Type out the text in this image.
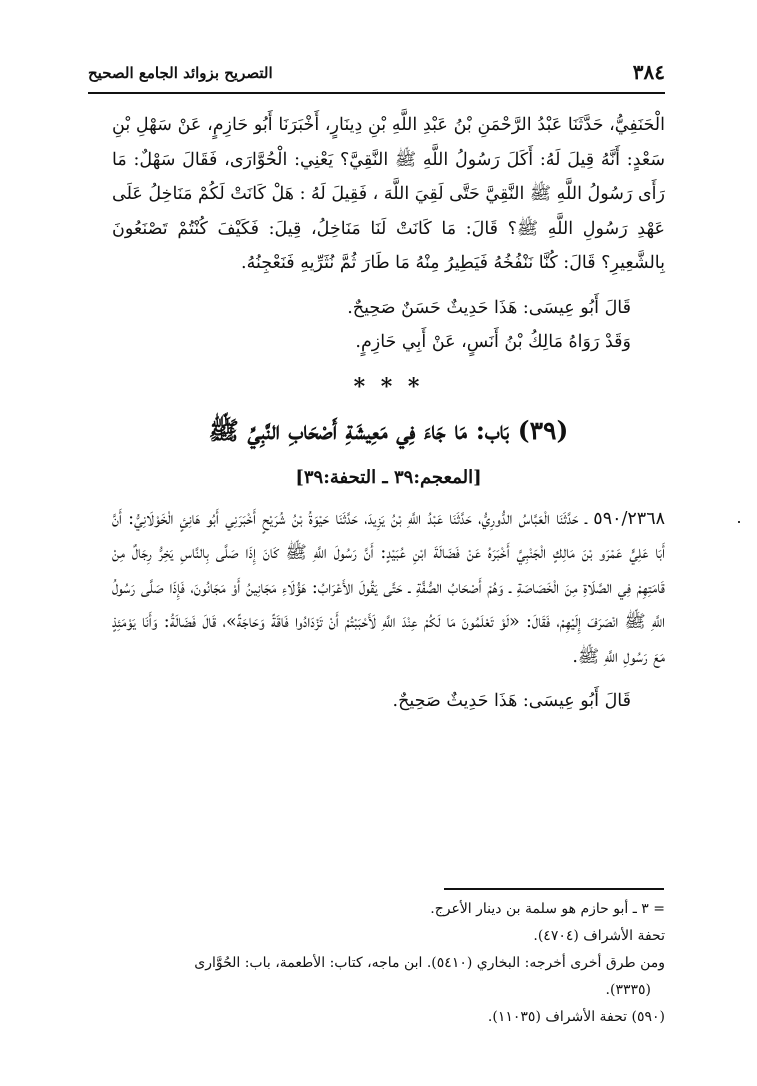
٣٨٤
التصريح بزوائد الجامع الصحيح

الْحَنَفِيُّ، حَدَّثَنَا عَبْدُ الرَّحْمَنِ بْنُ عَبْدِ اللَّهِ بْنِ دِينَارٍ، أَخْبَرَنَا أَبُو حَازِمٍ، عَنْ سَهْلِ بْنِ سَعْدٍ: أَنَّهُ قِيلَ لَهُ: أَكَلَ رَسُولُ اللَّهِ ﷺ النَّقِيَّ؟ يَعْنِي: الْحُوَّارَى، فَقَالَ سَهْلٌ: مَا رَأَى رَسُولُ اللَّهِ ﷺ النَّقِيَّ حَتَّى لَقِيَ اللَّهَ ، فَقِيلَ لَهُ : هَلْ كَانَتْ لَكُمْ مَنَاخِلُ عَلَى عَهْدِ رَسُولِ اللَّهِ ﷺ؟ قَالَ: مَا كَانَتْ لَنَا مَنَاخِلُ، قِيلَ: فَكَيْفَ كُنْتُمْ تَصْنَعُونَ بِالشَّعِيرِ؟ قَالَ: كُنَّا نَنْفُخُهُ فَيَطِيرُ مِنْهُ مَا طَارَ ثُمَّ نُثَرِّيهِ فَنَعْجِنُهُ.

قَالَ أَبُو عِيسَى: هَذَا حَدِيثٌ حَسَنٌ صَحِيحٌ.

وَقَدْ رَوَاهُ مَالِكُ بْنُ أَنَسٍ، عَنْ أَبِي حَازِمٍ.

* * *

(٣٩) بَاب: مَا جَاءَ فِي مَعِيشَةِ أَصْحَابِ النَّبِيِّ ﷺ

[المعجم:٣٩ ـ التحفة:٣٩]

٥٩٠/٢٣٦٨ ـ حَدَّثَنَا الْعَبَّاسُ الدُّورِيُّ، حَدَّثَنَا عَبْدُ اللَّهِ بْنُ يَزِيدَ، حَدَّثَنَا حَيْوَةُ بْنُ شُرَيْحٍ أَخْبَرَنِي أَبُو هَانِئٍ الْخَوْلَانِيُّ: أَنَّ أَبَا عَلِيٍّ عَمْرَو بْنَ مَالِكٍ الْجَنْبِيَّ أَخْبَرَهُ عَنْ فَضَالَةَ ابْنِ عُبَيْدٍ: أَنَّ رَسُولَ اللَّهِ ﷺ كَانَ إِذَا صَلَّى بِالنَّاسِ يَخِرُّ رِجَالٌ مِنْ قَامَتِهِمْ فِي الصَّلَاةِ مِنَ الْخَصَاصَةِ ـ وَهُمْ أَصْحَابُ الصُّفَّةِ ـ حَتَّى يَقُولَ الأَعْرَابُ: هَؤُلَاءِ مَجَانِينُ أَوْ مَجَانُونَ، فَإِذَا صَلَّى رَسُولُ اللَّهِ ﷺ انْصَرَفَ إِلَيْهِمْ، فَقَالَ: «لَوْ تَعْلَمُونَ مَا لَكُمْ عِنْدَ اللَّهِ لَأَحْبَبْتُمْ أَنْ تَزْدَادُوا فَاقَةً وَحَاجَةً»، قَالَ فَضَالَةُ: وَأَنَا يَوْمَئِذٍ مَعَ رَسُولِ اللَّهِ ﷺ.

قَالَ أَبُو عِيسَى: هَذَا حَدِيثٌ صَحِيحٌ.

= ٣ ـ أبو حازم هو سلمة بن دينار الأعرج.

تحفة الأشراف (٤٧٠٤).

ومن طرق أخرى أخرجه: البخاري (٥٤١٠). ابن ماجه، كتاب: الأطعمة، باب: الحُوَّارى

(٣٣٣٥).

(٥٩٠) تحفة الأشراف (١١٠٣٥).
